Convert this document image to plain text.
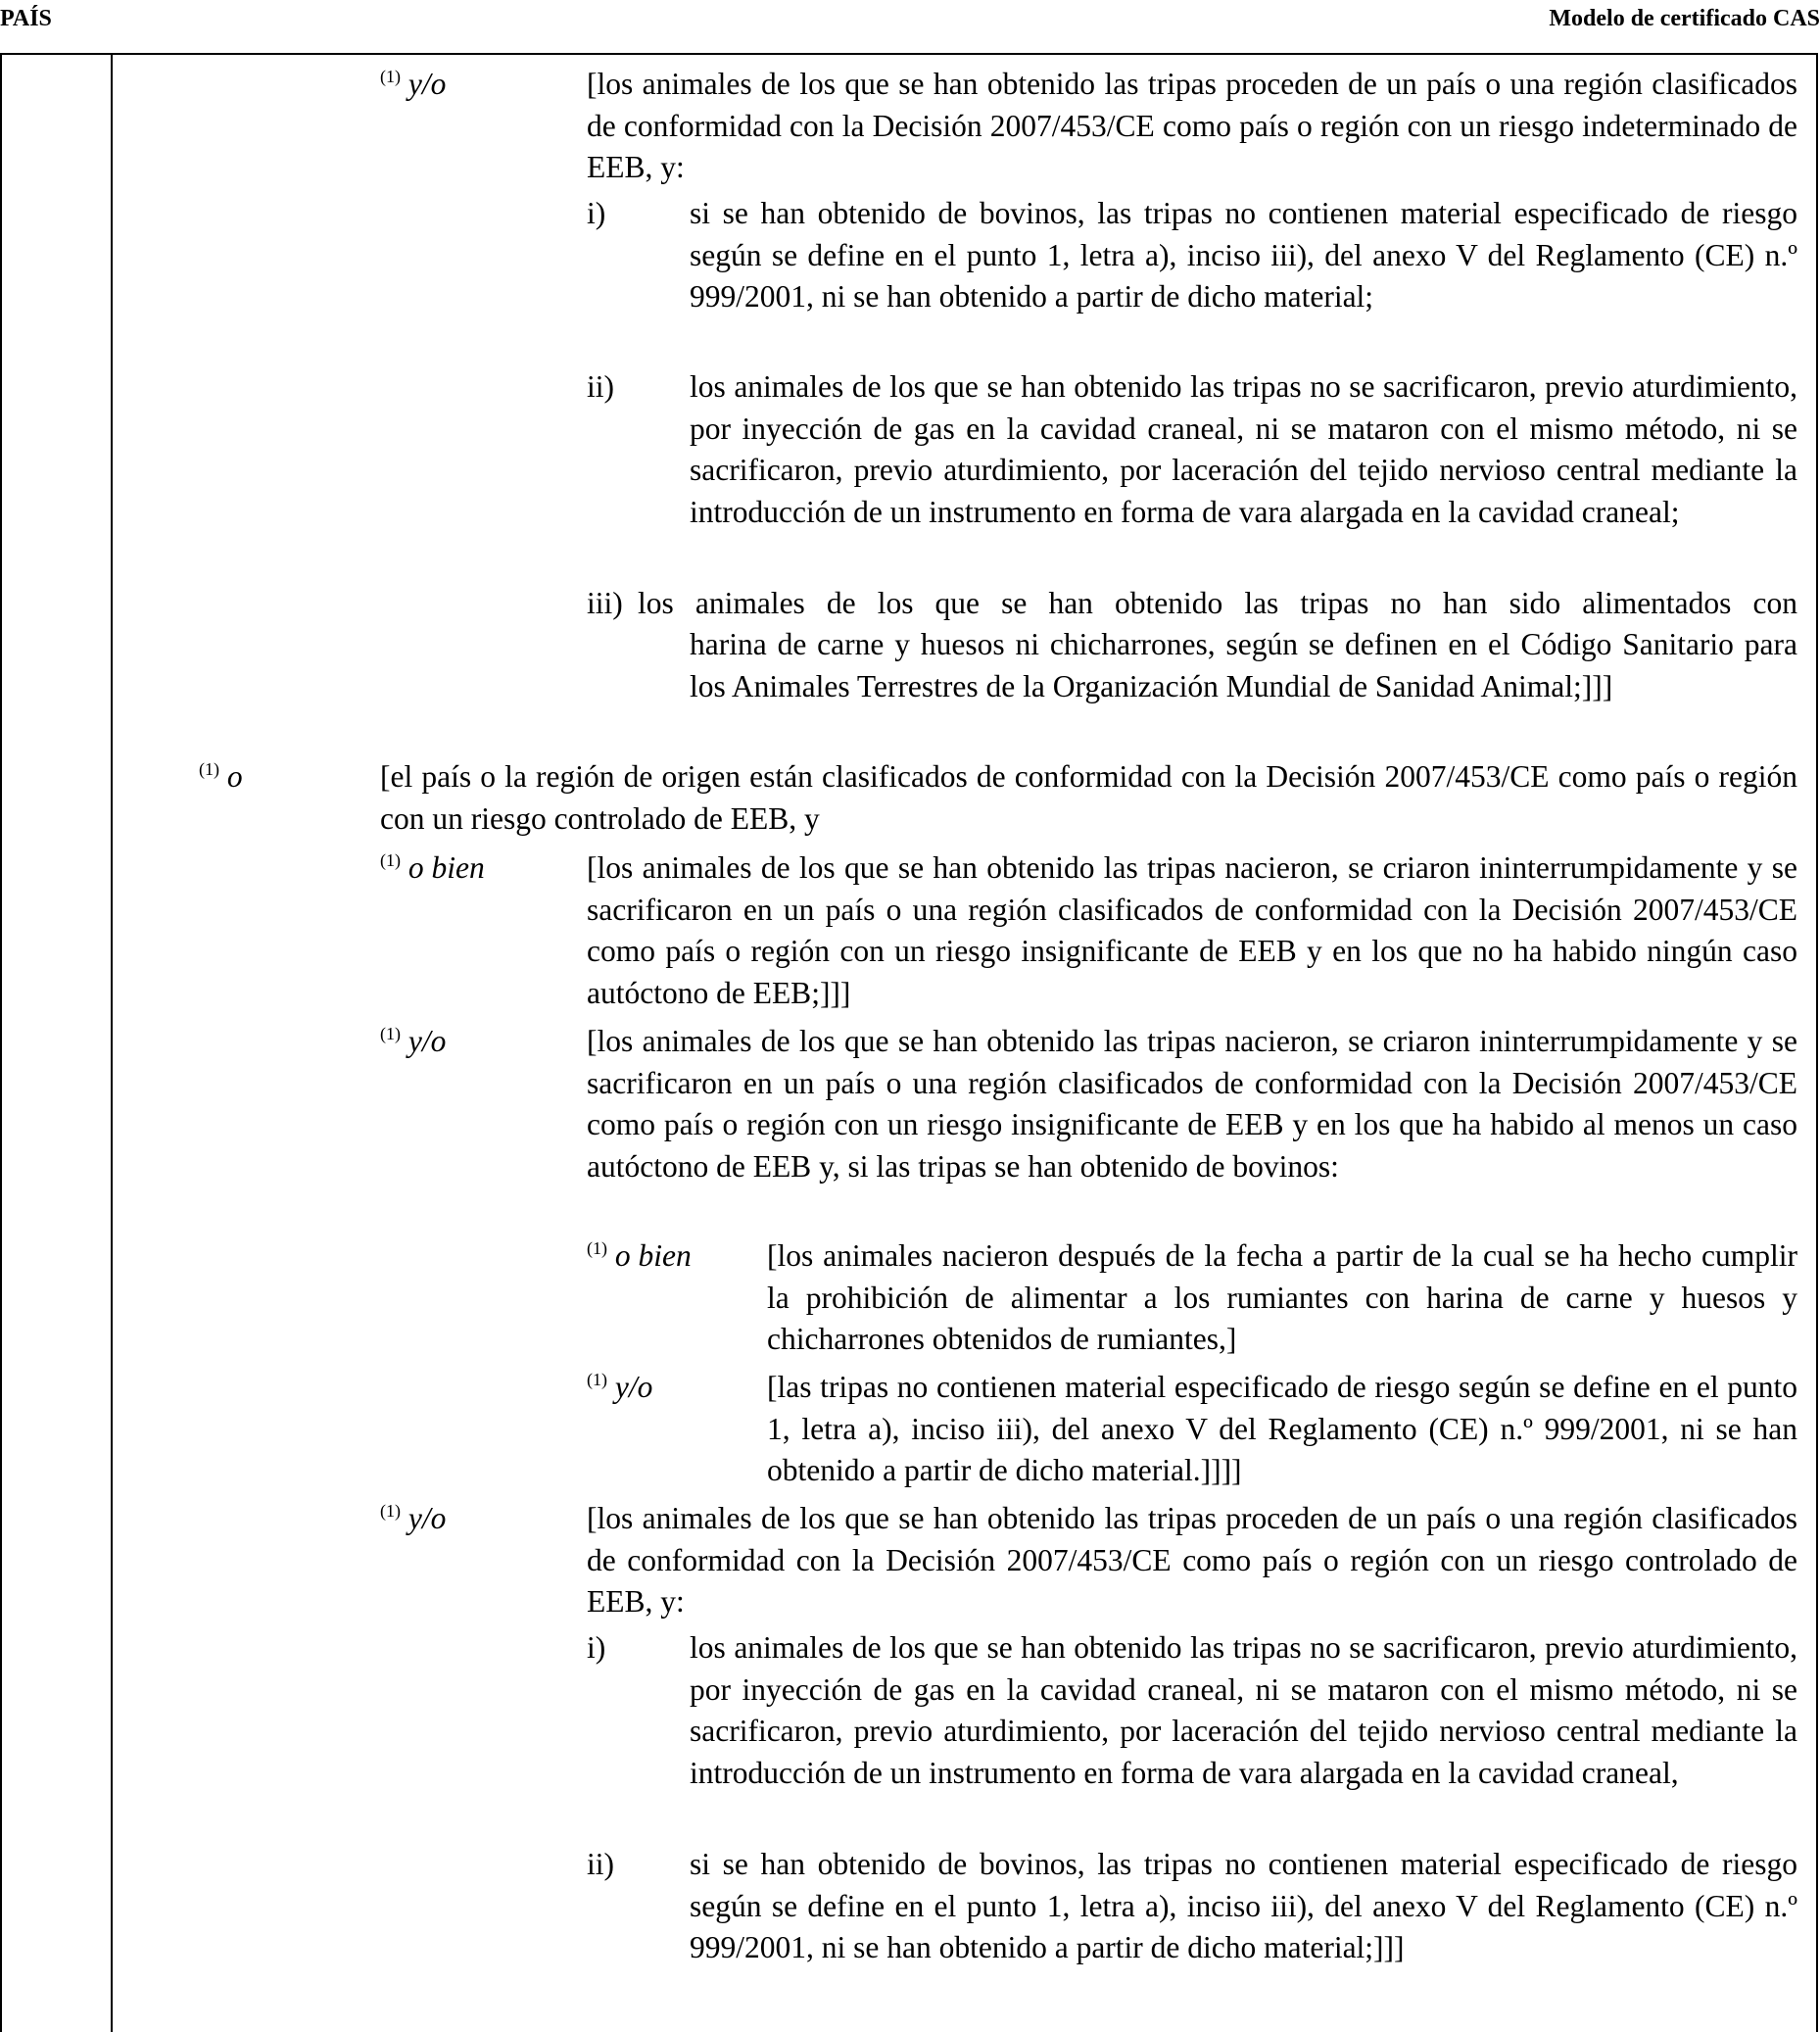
PAÍS	Modelo de certificado CAS
$^{(1)}$ y/o	[los animales de los que se han obtenido las tripas proceden de un país o una región clasificados de conformidad con la Decisión 2007/453/CE como país o región con un riesgo indeterminado de EEB, y:
i)	si se han obtenido de bovinos, las tripas no contienen material especificado de riesgo según se define en el punto 1, letra a), inciso iii), del anexo V del Reglamento (CE) n.º 999/2001, ni se han obtenido a partir de dicho material;
ii) los animales de los que se han obtenido las tripas no se sacrificaron, previo aturdimiento, por inyección de gas en la cavidad craneal, ni se mataron con el mismo método, ni se sacrificaron, previo aturdimiento, por laceración del tejido nervioso central mediante la introducción de un instrumento en forma de vara alargada en la cavidad craneal;
iii) los animales de los que se han obtenido las tripas no han sido alimentados con
harina de carne y huesos ni chicharrones, según se definen en el Código Sanitario para los Animales Terrestres de la Organización Mundial de Sanidad Animal;]]]
$^{(1)}$ o	[el país o la región de origen están clasificados de conformidad con la Decisión 2007/453/CE como país o región con un riesgo controlado de EEB, y
$^{(1)}$ o bien	[los animales de los que se han obtenido las tripas nacieron, se criaron ininterrumpidamente y se sacrificaron en un país o una región clasificados de conformidad con la Decisión 2007/453/CE como país o región con un riesgo insignificante de EEB y en los que no ha habido ningún caso autóctono de EEB;]]]
$^{(1)}$ y/o	[los animales de los que se han obtenido las tripas nacieron, se criaron ininterrumpidamente y se sacrificaron en un país o una región clasificados de conformidad con la Decisión 2007/453/CE como país o región con un riesgo insignificante de EEB y en los que ha habido al menos un caso autóctono de EEB y, si las tripas se han obtenido de bovinos:
$^{(1)}$ o bien [los animales nacieron después de la fecha a partir de la cual se ha hecho cumplir la prohibición de alimentar a los rumiantes con harina de carne y huesos y chicharrones obtenidos de rumiantes,]
$^{(1)}$ y/o	[las tripas no contienen material especificado de riesgo según se define en el punto 1, letra a), inciso iii), del anexo V del Reglamento (CE) n.º 999/2001, ni se han obtenido a partir de dicho material.]]]]
$^{(1)}$ y/o	[los animales de los que se han obtenido las tripas proceden de un país o una región clasificados de conformidad con la Decisión 2007/453/CE como país o región con un riesgo controlado de EEB, y:
i)	los animales de los que se han obtenido las tripas no se sacrificaron, previo aturdimiento, por inyección de gas en la cavidad craneal, ni se mataron con el mismo método, ni se sacrificaron, previo aturdimiento, por laceración del tejido nervioso central mediante la introducción de un instrumento en forma de vara alargada en la cavidad craneal,
ii) si se han obtenido de bovinos, las tripas no contienen material especificado de riesgo según se define en el punto 1, letra a), inciso iii), del anexo V del Reglamento (CE) n.º 999/2001, ni se han obtenido a partir de dicho material;]]]
